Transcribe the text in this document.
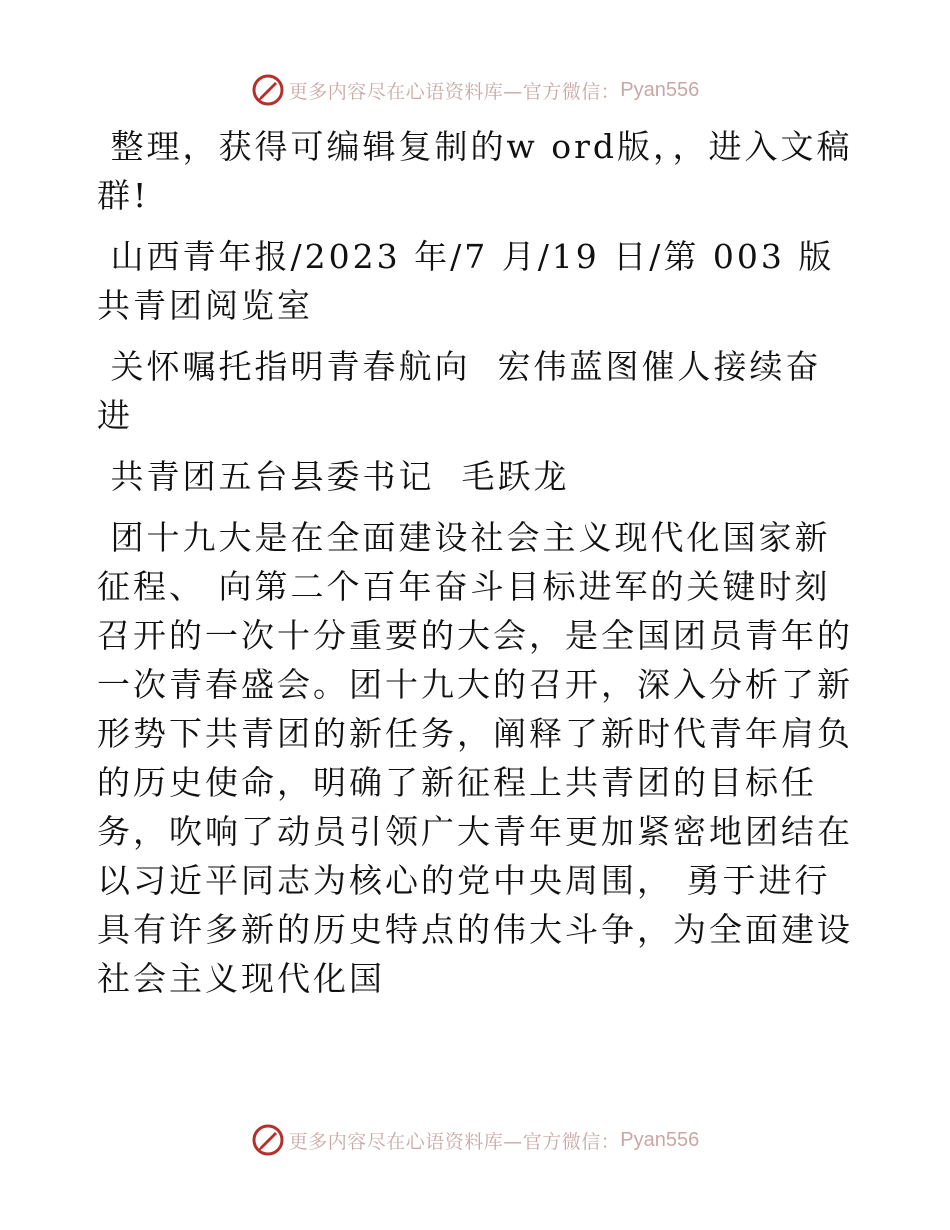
更多内容尽在心语资料库—官方微信： Pyan556

整理，获得可编辑复制的w ord版，，进入文稿群!

山西青年报/2023 年/7 月/19 日/第 003 版共青团阅览室

关怀嘱托指明青春航向  宏伟蓝图催人接续奋进

共青团五台县委书记  毛跃龙

团十九大是在全面建设社会主义现代化国家新征程、 向第二个百年奋斗目标进军的关键时刻召开的一次十分重要的大会，是全国团员青年的一次青春盛会。团十九大的召开，深入分析了新形势下共青团的新任务，阐释了新时代青年肩负的历史使命，明确了新征程上共青团的目标任务，吹响了动员引领广大青年更加紧密地团结在以习近平同志为核心的党中央周围， 勇于进行具有许多新的历史特点的伟大斗争，为全面建设社会主义现代化国

更多内容尽在心语资料库—官方微信： Pyan556
